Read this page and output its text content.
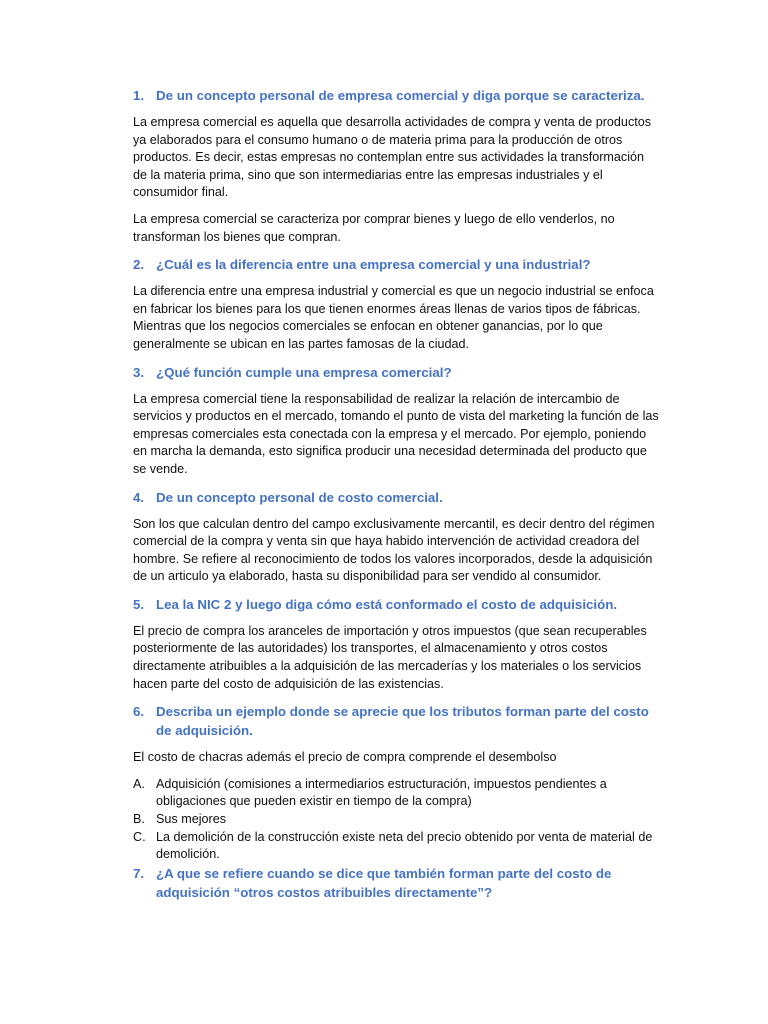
1. De un concepto personal de empresa comercial y diga porque se caracteriza.

La empresa comercial es aquella que desarrolla actividades de compra y venta de productos ya elaborados para el consumo humano o de materia prima para la producción de otros productos. Es decir, estas empresas no contemplan entre sus actividades la transformación de la materia prima, sino que son intermediarias entre las empresas industriales y el consumidor final.

La empresa comercial se caracteriza por comprar bienes y luego de ello venderlos, no transforman los bienes que compran.

2. ¿Cuál es la diferencia entre una empresa comercial y una industrial?

La diferencia entre una empresa industrial y comercial es que un negocio industrial se enfoca en fabricar los bienes para los que tienen enormes áreas llenas de varios tipos de fábricas. Mientras que los negocios comerciales se enfocan en obtener ganancias, por lo que generalmente se ubican en las partes famosas de la ciudad.

3. ¿Qué función cumple una empresa comercial?

La empresa comercial tiene la responsabilidad de realizar la relación de intercambio de servicios y productos en el mercado, tomando el punto de vista del marketing la función de las empresas comerciales esta conectada con la empresa y el mercado. Por ejemplo, poniendo en marcha la demanda, esto significa producir una necesidad determinada del producto que se vende.

4. De un concepto personal de costo comercial.

Son los que calculan dentro del campo exclusivamente mercantil, es decir dentro del régimen comercial de la compra y venta sin que haya habido intervención de actividad creadora del hombre. Se refiere al reconocimiento de todos los valores incorporados, desde la adquisición de un articulo ya elaborado, hasta su disponibilidad para ser vendido al consumidor.

5. Lea la NIC 2 y luego diga cómo está conformado el costo de adquisición.

El precio de compra los aranceles de importación y otros impuestos (que sean recuperables posteriormente de las autoridades) los transportes, el almacenamiento y otros costos directamente atribuibles a la adquisición de las mercaderías y los materiales o los servicios hacen parte del costo de adquisición de las existencias.

6. Describa un ejemplo donde se aprecie que los tributos forman parte del costo de adquisición.

El costo de chacras además el precio de compra comprende el desembolso

A. Adquisición (comisiones a intermediarios estructuración, impuestos pendientes a obligaciones que pueden existir en tiempo de la compra)
B. Sus mejores
C. La demolición de la construcción existe neta del precio obtenido por venta de material de demolición.
7. ¿A que se refiere cuando se dice que también forman parte del costo de adquisición “otros costos atribuibles directamente”?
